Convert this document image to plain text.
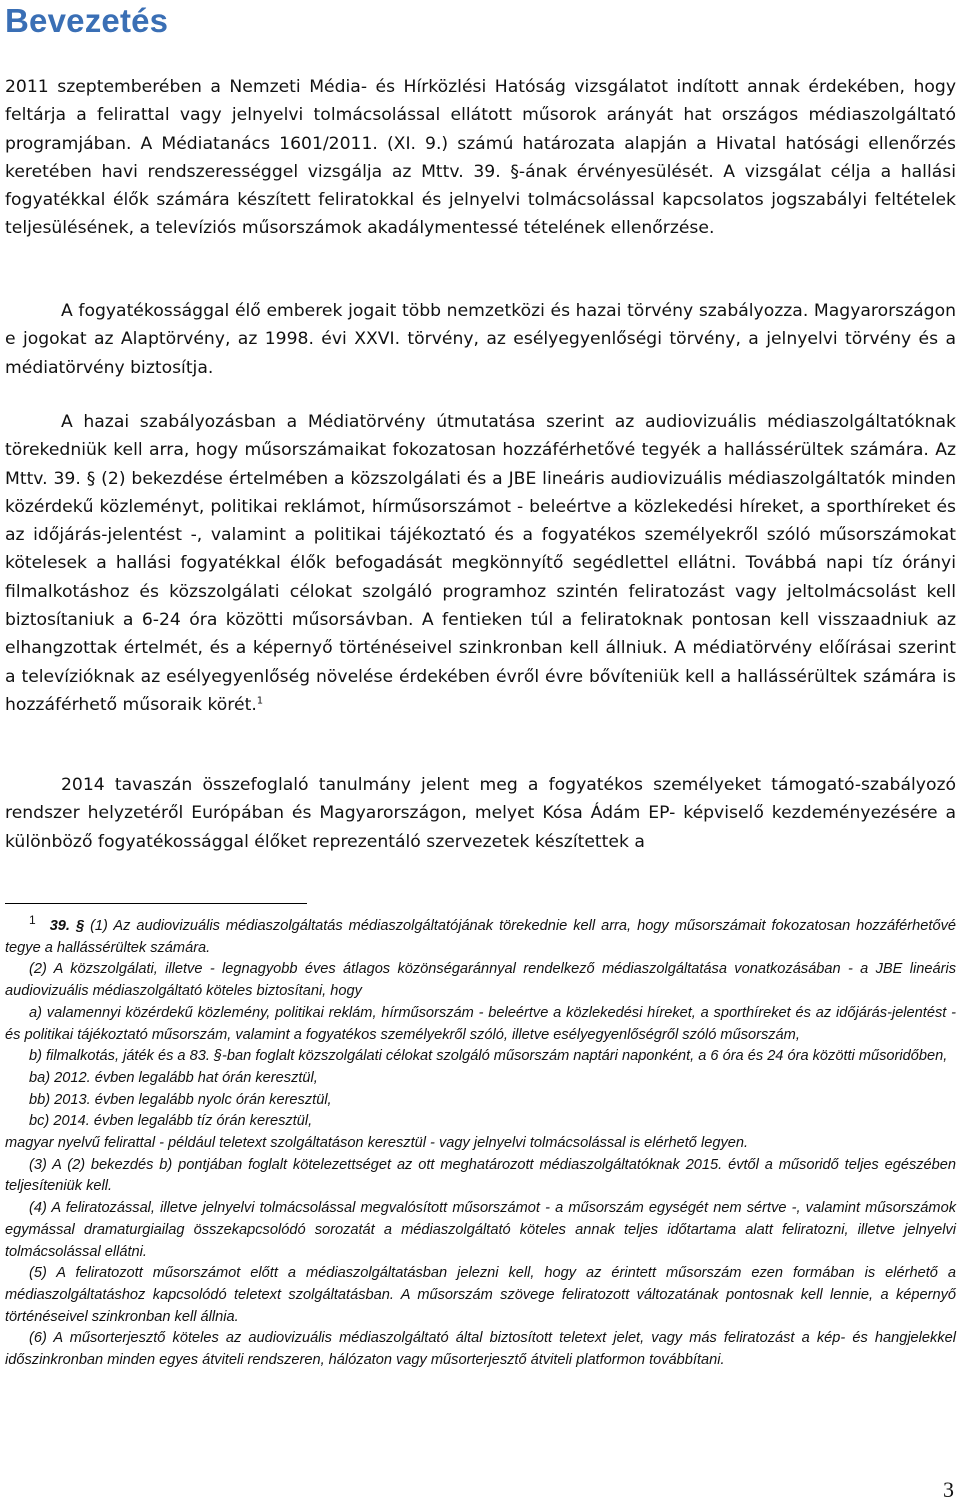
Bevezetés

2011 szeptemberében a Nemzeti Média- és Hírközlési Hatóság vizsgálatot indított annak érdekében, hogy feltárja a felirattal vagy jelnyelvi tolmácsolással ellátott műsorok arányát hat országos médiaszolgáltató programjában. A Médiatanács 1601/2011. (XI. 9.) számú határozata alapján a Hivatal hatósági ellenőrzés keretében havi rendszerességgel vizsgálja az Mttv. 39. §-ának érvényesülését. A vizsgálat célja a hallási fogyatékkal élők számára készített feliratokkal és jelnyelvi tolmácsolással kapcsolatos jogszabályi feltételek teljesülésének, a televíziós műsorszámok akadálymentessé tételének ellenőrzése.

A fogyatékossággal élő emberek jogait több nemzetközi és hazai törvény szabályozza. Magyarországon e jogokat az Alaptörvény, az 1998. évi XXVI. törvény, az esélyegyenlőségi törvény, a jelnyelvi törvény és a médiatörvény biztosítja.

A hazai szabályozásban a Médiatörvény útmutatása szerint az audiovizuális médiaszolgáltatóknak törekedniük kell arra, hogy műsorszámaikat fokozatosan hozzáférhetővé tegyék a hallássérültek számára. Az Mttv. 39. § (2) bekezdése értelmében a közszolgálati és a JBE lineáris audiovizuális médiaszolgáltatók minden közérdekű közleményt, politikai reklámot, hírműsorszámot - beleértve a közlekedési híreket, a sporthíreket és az időjárás-jelentést -, valamint a politikai tájékoztató és a fogyatékos személyekről szóló műsorszámokat kötelesek a hallási fogyatékkal élők befogadását megkönnyítő segédlettel ellátni. Továbbá napi tíz órányi filmalkotáshoz és közszolgálati célokat szolgáló programhoz szintén feliratozást vagy jeltolmácsolást kell biztosítaniuk a 6-24 óra közötti műsorsávban. A fentieken túl a feliratoknak pontosan kell visszaadniuk az elhangzottak értelmét, és a képernyő történéseivel szinkronban kell állniuk. A médiatörvény előírásai szerint a televízióknak az esélyegyenlőség növelése érdekében évről évre bővíteniük kell a hallássérültek számára is hozzáférhető műsoraik körét.$^1$

2014 tavaszán összefoglaló tanulmány jelent meg a fogyatékos személyeket támogató-szabályozó rendszer helyzetéről Európában és Magyarországon, melyet Kósa Ádám EP- képviselő kezdeményezésére a különböző fogyatékossággal élőket reprezentáló szervezetek készítettek a

$^1$ 39. § (1) Az audiovizuális médiaszolgáltatás médiaszolgáltatójának törekednie kell arra, hogy műsorszámait fokozatosan hozzáférhetővé tegye a hallássérültek számára.

(2) A közszolgálati, illetve - legnagyobb éves átlagos közönségaránnyal rendelkező médiaszolgáltatása vonatkozásában - a JBE lineáris audiovizuális médiaszolgáltató köteles biztosítani, hogy

a) valamennyi közérdekű közlemény, politikai reklám, hírműsorszám - beleértve a közlekedési híreket, a sporthíreket és az időjárás-jelentést - és politikai tájékoztató műsorszám, valamint a fogyatékos személyekről szóló, illetve esélyegyenlőségről szóló műsorszám,

b) filmalkotás, játék és a 83. §-ban foglalt közszolgálati célokat szolgáló műsorszám naptári naponként, a 6 óra és 24 óra közötti műsoridőben,

ba) 2012. évben legalább hat órán keresztül,

bb) 2013. évben legalább nyolc órán keresztül,

bc) 2014. évben legalább tíz órán keresztül,

magyar nyelvű felirattal - például teletext szolgáltatáson keresztül - vagy jelnyelvi tolmácsolással is elérhető legyen.

(3) A (2) bekezdés b) pontjában foglalt kötelezettséget az ott meghatározott médiaszolgáltatóknak 2015. évtől a műsoridő teljes egészében teljesíteniük kell.

(4) A feliratozással, illetve jelnyelvi tolmácsolással megvalósított műsorszámot - a műsorszám egységét nem sértve -, valamint műsorszámok egymással dramaturgiailag összekapcsolódó sorozatát a médiaszolgáltató köteles annak teljes időtartama alatt feliratozni, illetve jelnyelvi tolmácsolással ellátni.

(5) A feliratozott műsorszámot előtt a médiaszolgáltatásban jelezni kell, hogy az érintett műsorszám ezen formában is elérhető a médiaszolgáltatáshoz kapcsolódó teletext szolgáltatásban. A műsorszám szövege feliratozott változatának pontosnak kell lennie, a képernyő történéseivel szinkronban kell állnia.

(6) A műsorterjesztő köteles az audiovizuális médiaszolgáltató által biztosított teletext jelet, vagy más feliratozást a kép- és hangjelekkel időszinkronban minden egyes átviteli rendszeren, hálózaton vagy műsorterjesztő átviteli platformon továbbítani.

3
